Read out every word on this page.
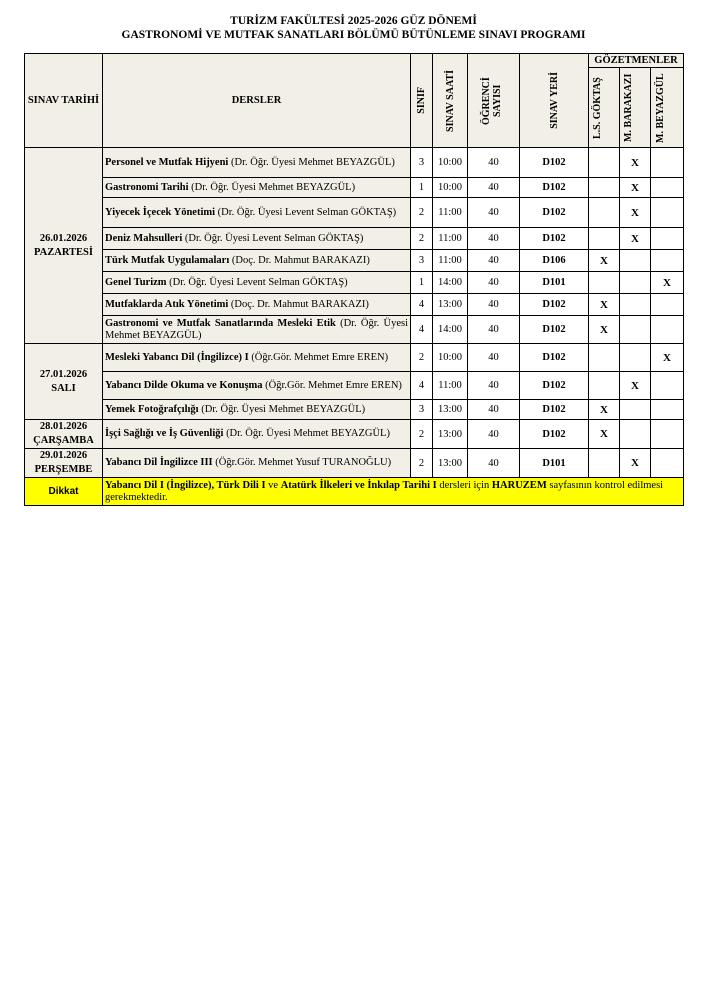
TURİZM FAKÜLTESİ 2025-2026 GÜZ DÖNEMİ
GASTRONOMİ VE MUTFAK SANATLARI BÖLÜMÜ BÜTÜNLEME SINAVI PROGRAMI
SINAV TARİHİ	DERSLER	SINIF	SINAV SAATİ	ÖĞRENCİ SAYISI	SINAV YERİ	GÖZETMENLER		

						L.S. GÖKTAŞ	M. BARAKAZI	M. BEYAZGÜL

26.01.2026
PAZARTESİ	Personel ve Mutfak Hijyeni (Dr. Öğr. Üyesi Mehmet BEYAZGÜL)	3	10:00	40	D102		X	
	Gastronomi Tarihi (Dr. Öğr. Üyesi Mehmet BEYAZGÜL)	1	10:00	40	D102		X	
	Yiyecek İçecek Yönetimi (Dr. Öğr. Üyesi Levent Selman GÖKTAŞ)	2	11:00	40	D102		X	
	Deniz Mahsulleri (Dr. Öğr. Üyesi Levent Selman GÖKTAŞ)	2	11:00	40	D102		X	
	Türk Mutfak Uygulamaları (Doç. Dr. Mahmut BARAKAZI)	3	11:00	40	D106	X		
	Genel Turizm (Dr. Öğr. Üyesi Levent Selman GÖKTAŞ)	1	14:00	40	D101			X
	Mutfaklarda Atık Yönetimi (Doç. Dr. Mahmut BARAKAZI)	4	13:00	40	D102	X		
	Gastronomi ve Mutfak Sanatlarında Mesleki Etik (Dr. Öğr. Üyesi Mehmet BEYAZGÜL)	4	14:00	40	D102	X		

27.01.2026
SALI	Mesleki Yabancı Dil (İngilizce) I (Öğr.Gör. Mehmet Emre EREN)	2	10:00	40	D102			X
	Yabancı Dilde Okuma ve Konuşma (Öğr.Gör. Mehmet Emre EREN)	4	11:00	40	D102		X	
	Yemek Fotoğrafçılığı (Dr. Öğr. Üyesi Mehmet BEYAZGÜL)	3	13:00	40	D102	X		

28.01.2026
ÇARŞAMBA	İşçi Sağlığı ve İş Güvenliği (Dr. Öğr. Üyesi Mehmet BEYAZGÜL)	2	13:00	40	D102	X		

29.01.2026
PERŞEMBE	Yabancı Dil İngilizce III (Öğr.Gör. Mehmet Yusuf TURANOĞLU)	2	13:00	40	D101		X	
Dikkat	Yabancı Dil I (İngilizce), Türk Dili I ve Atatürk İlkeleri ve İnkılap Tarihi I dersleri için HARUZEM sayfasının kontrol edilmesi gerekmektedir.							
